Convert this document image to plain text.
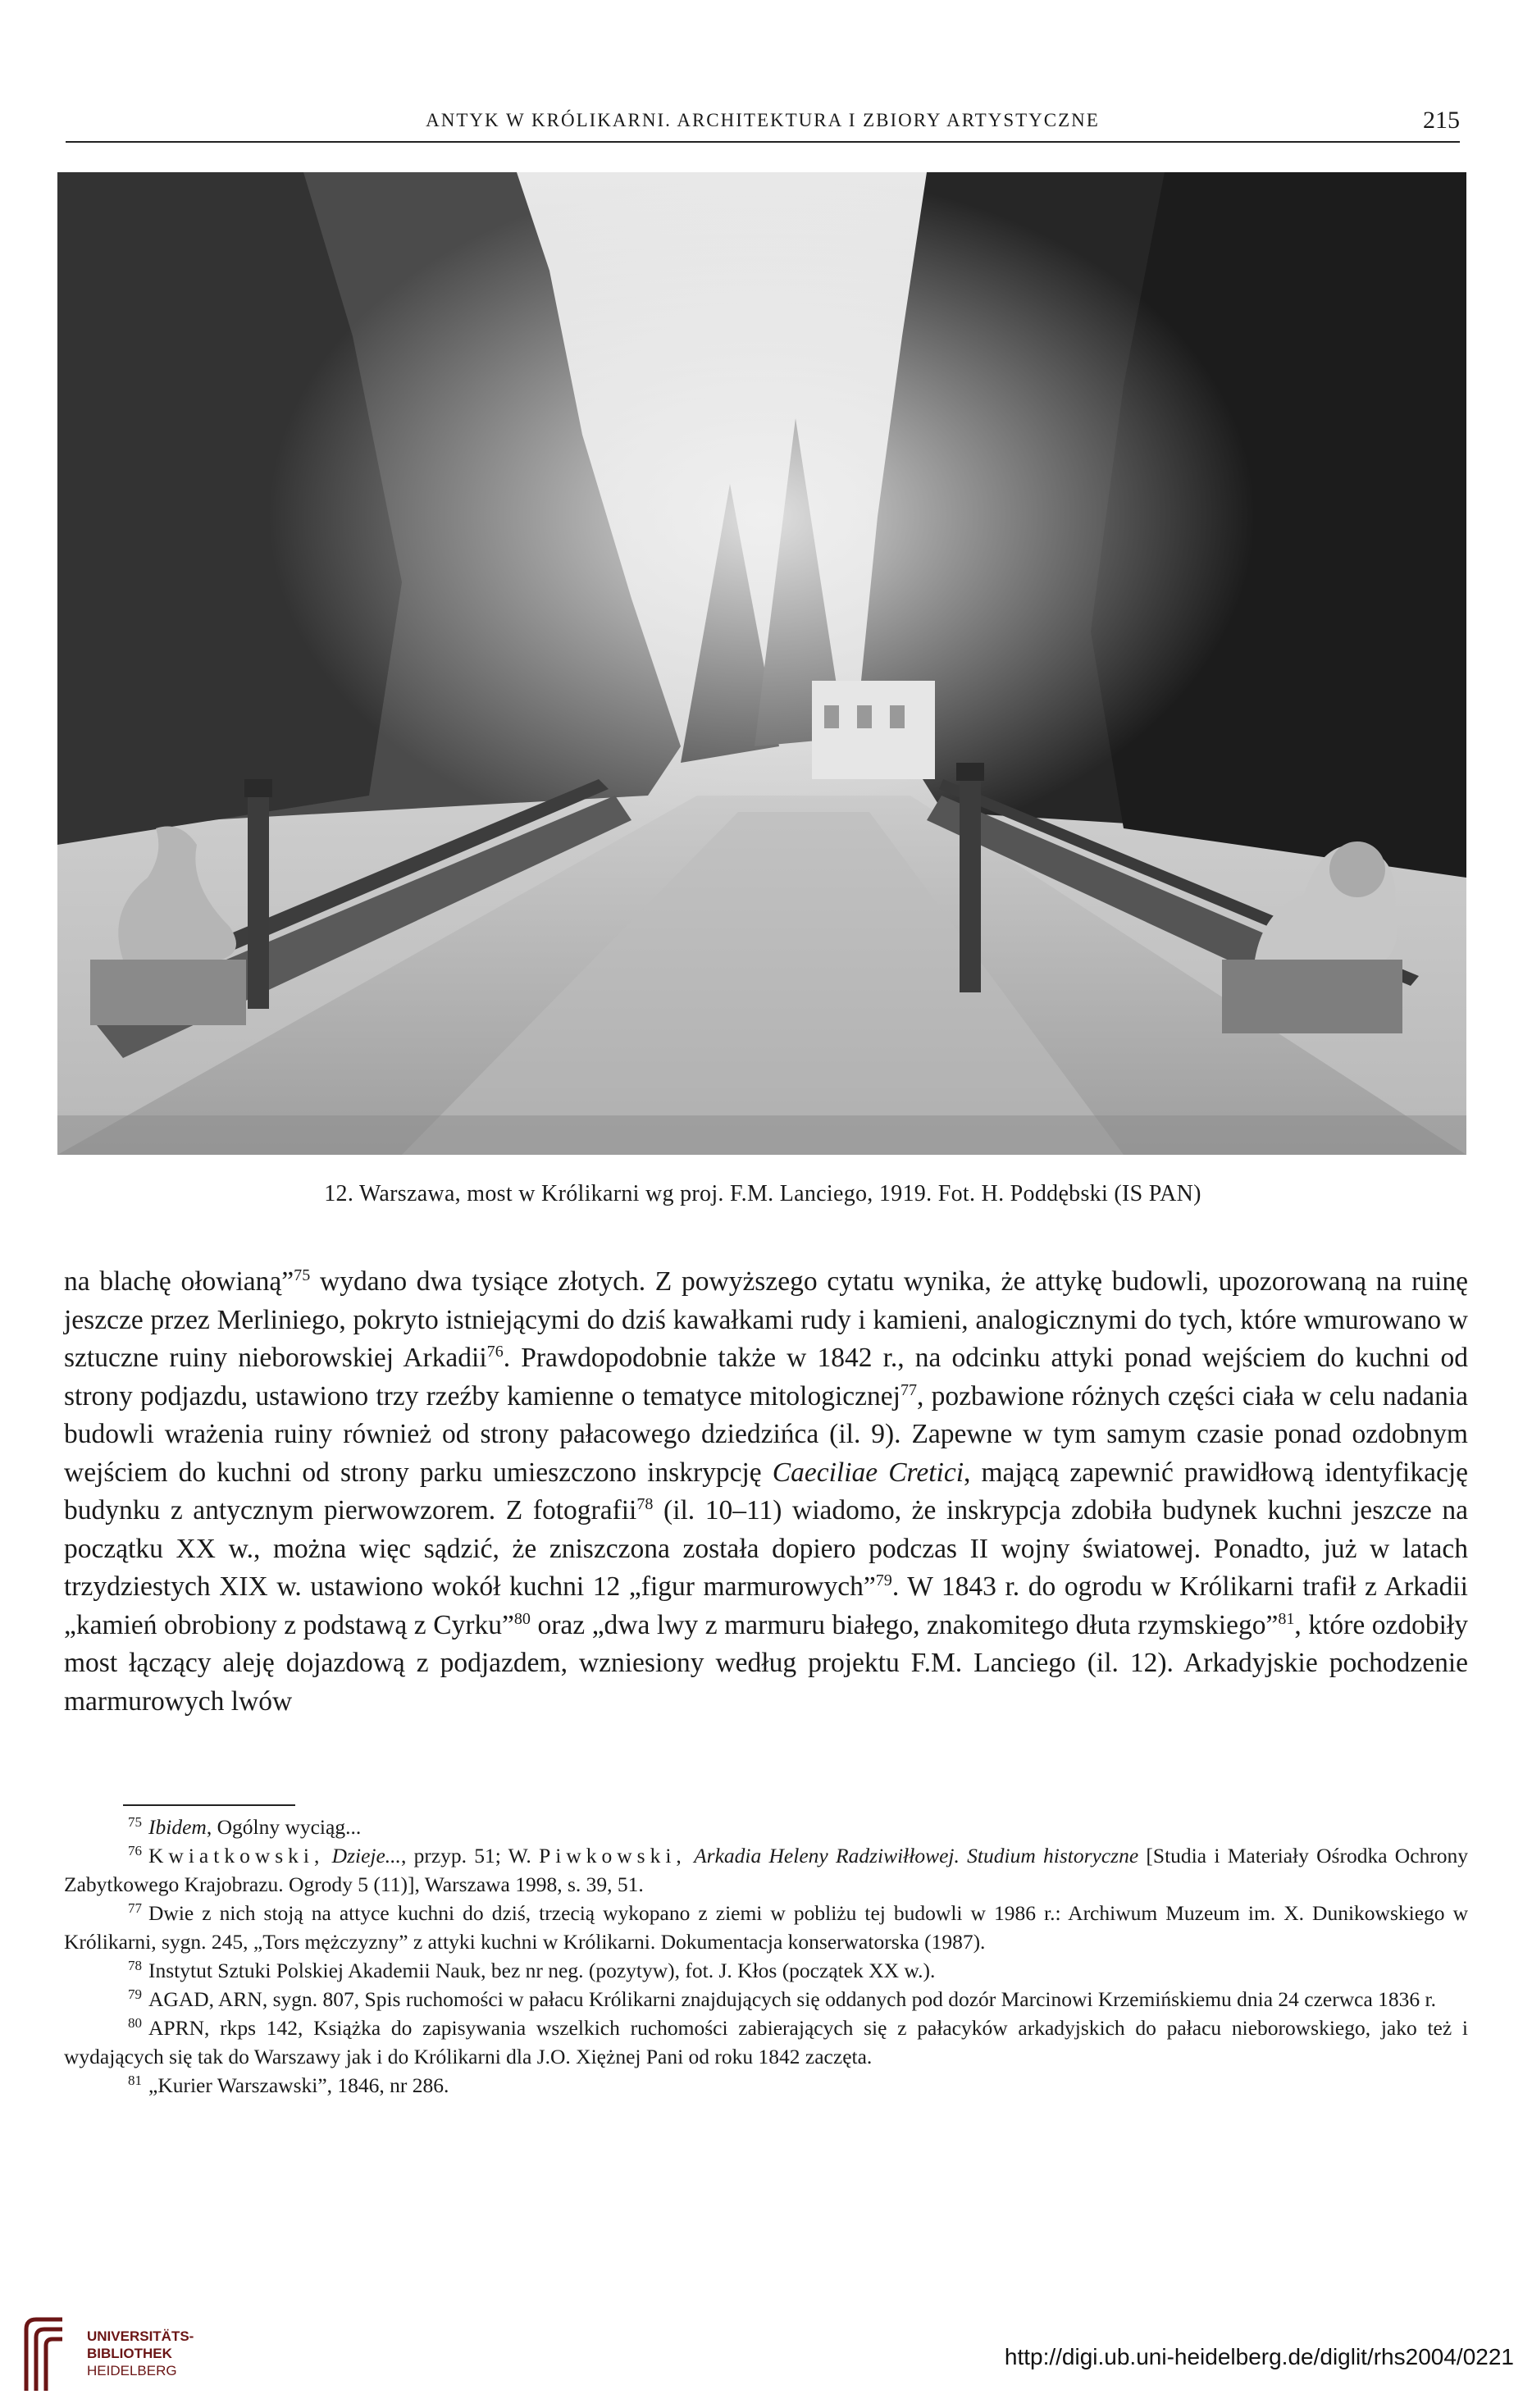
ANTYK W KRÓLIKARNI. ARCHITEKTURA I ZBIORY ARTYSTYCZNE	215
12. Warszawa, most w Królikarni wg proj. F.M. Lanciego, 1919. Fot. H. Poddębski (IS PAN)

na blachę ołowianą”$^{75}$ wydano dwa tysiące złotych. Z powyższego cytatu wynika, że attykę budowli, upozorowaną na ruinę jeszcze przez Merliniego, pokryto istniejącymi do dziś kawałkami rudy i kamieni, analogicznymi do tych, które wmurowano w sztuczne ruiny nieborowskiej Arkadii$^{76}$. Prawdopodobnie także w 1842 r., na odcinku attyki ponad wejściem do kuchni od strony podjazdu, ustawiono trzy rzeźby kamienne o tematyce mitologicznej$^{77}$, pozbawione różnych części ciała w celu nadania budowli wrażenia ruiny również od strony pałacowego dziedzińca (il. 9). Zapewne w tym samym czasie ponad ozdobnym wejściem do kuchni od strony parku umieszczono inskrypcję Caeciliae Cretici, mającą zapewnić prawidłową identyfikację budynku z antycznym pierwowzorem. Z fotografii$^{78}$ (il. 10–11) wiadomo, że inskrypcja zdobiła budynek kuchni jeszcze na początku XX w., można więc sądzić, że zniszczona została dopiero podczas II wojny światowej. Ponadto, już w latach trzydziestych XIX w. ustawiono wokół kuchni 12 „figur marmurowych”$^{79}$. W 1843 r. do ogrodu w Królikarni trafił z Arkadii „kamień obrobiony z podstawą z Cyrku”$^{80}$ oraz „dwa lwy z marmuru białego, znakomitego dłuta rzymskiego”$^{81}$, które ozdobiły most łączący aleję dojazdową z podjazdem, wzniesiony według projektu F.M. Lanciego (il. 12). Arkadyjskie pochodzenie marmurowych lwów

$^{75}$ Ibidem, Ogólny wyciąg...

$^{76}$ Kwiatkowski, Dzieje..., przyp. 51; W. Piwkowski, Arkadia Heleny Radziwiłłowej. Studium historyczne [Studia i Materiały Ośrodka Ochrony Zabytkowego Krajobrazu. Ogrody 5 (11)], Warszawa 1998, s. 39, 51.

$^{77}$ Dwie z nich stoją na attyce kuchni do dziś, trzecią wykopano z ziemi w pobliżu tej budowli w 1986 r.: Archiwum Muzeum im. X. Dunikowskiego w Królikarni, sygn. 245, „Tors mężczyzny” z attyki kuchni w Królikarni. Dokumentacja konserwatorska (1987).

$^{78}$ Instytut Sztuki Polskiej Akademii Nauk, bez nr neg. (pozytyw), fot. J. Kłos (początek XX w.).

$^{79}$ AGAD, ARN, sygn. 807, Spis ruchomości w pałacu Królikarni znajdujących się oddanych pod dozór Marcinowi Krzemińskiemu dnia 24 czerwca 1836 r.

$^{80}$ APRN, rkps 142, Książka do zapisywania wszelkich ruchomości zabierających się z pałacyków arkadyjskich do pałacu nieborowskiego, jako też i wydających się tak do Warszawy jak i do Królikarni dla J.O. Xiężnej Pani od roku 1842 zaczęta.

$^{81}$ „Kurier Warszawski”, 1846, nr 286.

UNIVERSITÄTS-
BIBLIOTHEK
HEIDELBERG
http://digi.ub.uni-heidelberg.de/diglit/rhs2004/0221
